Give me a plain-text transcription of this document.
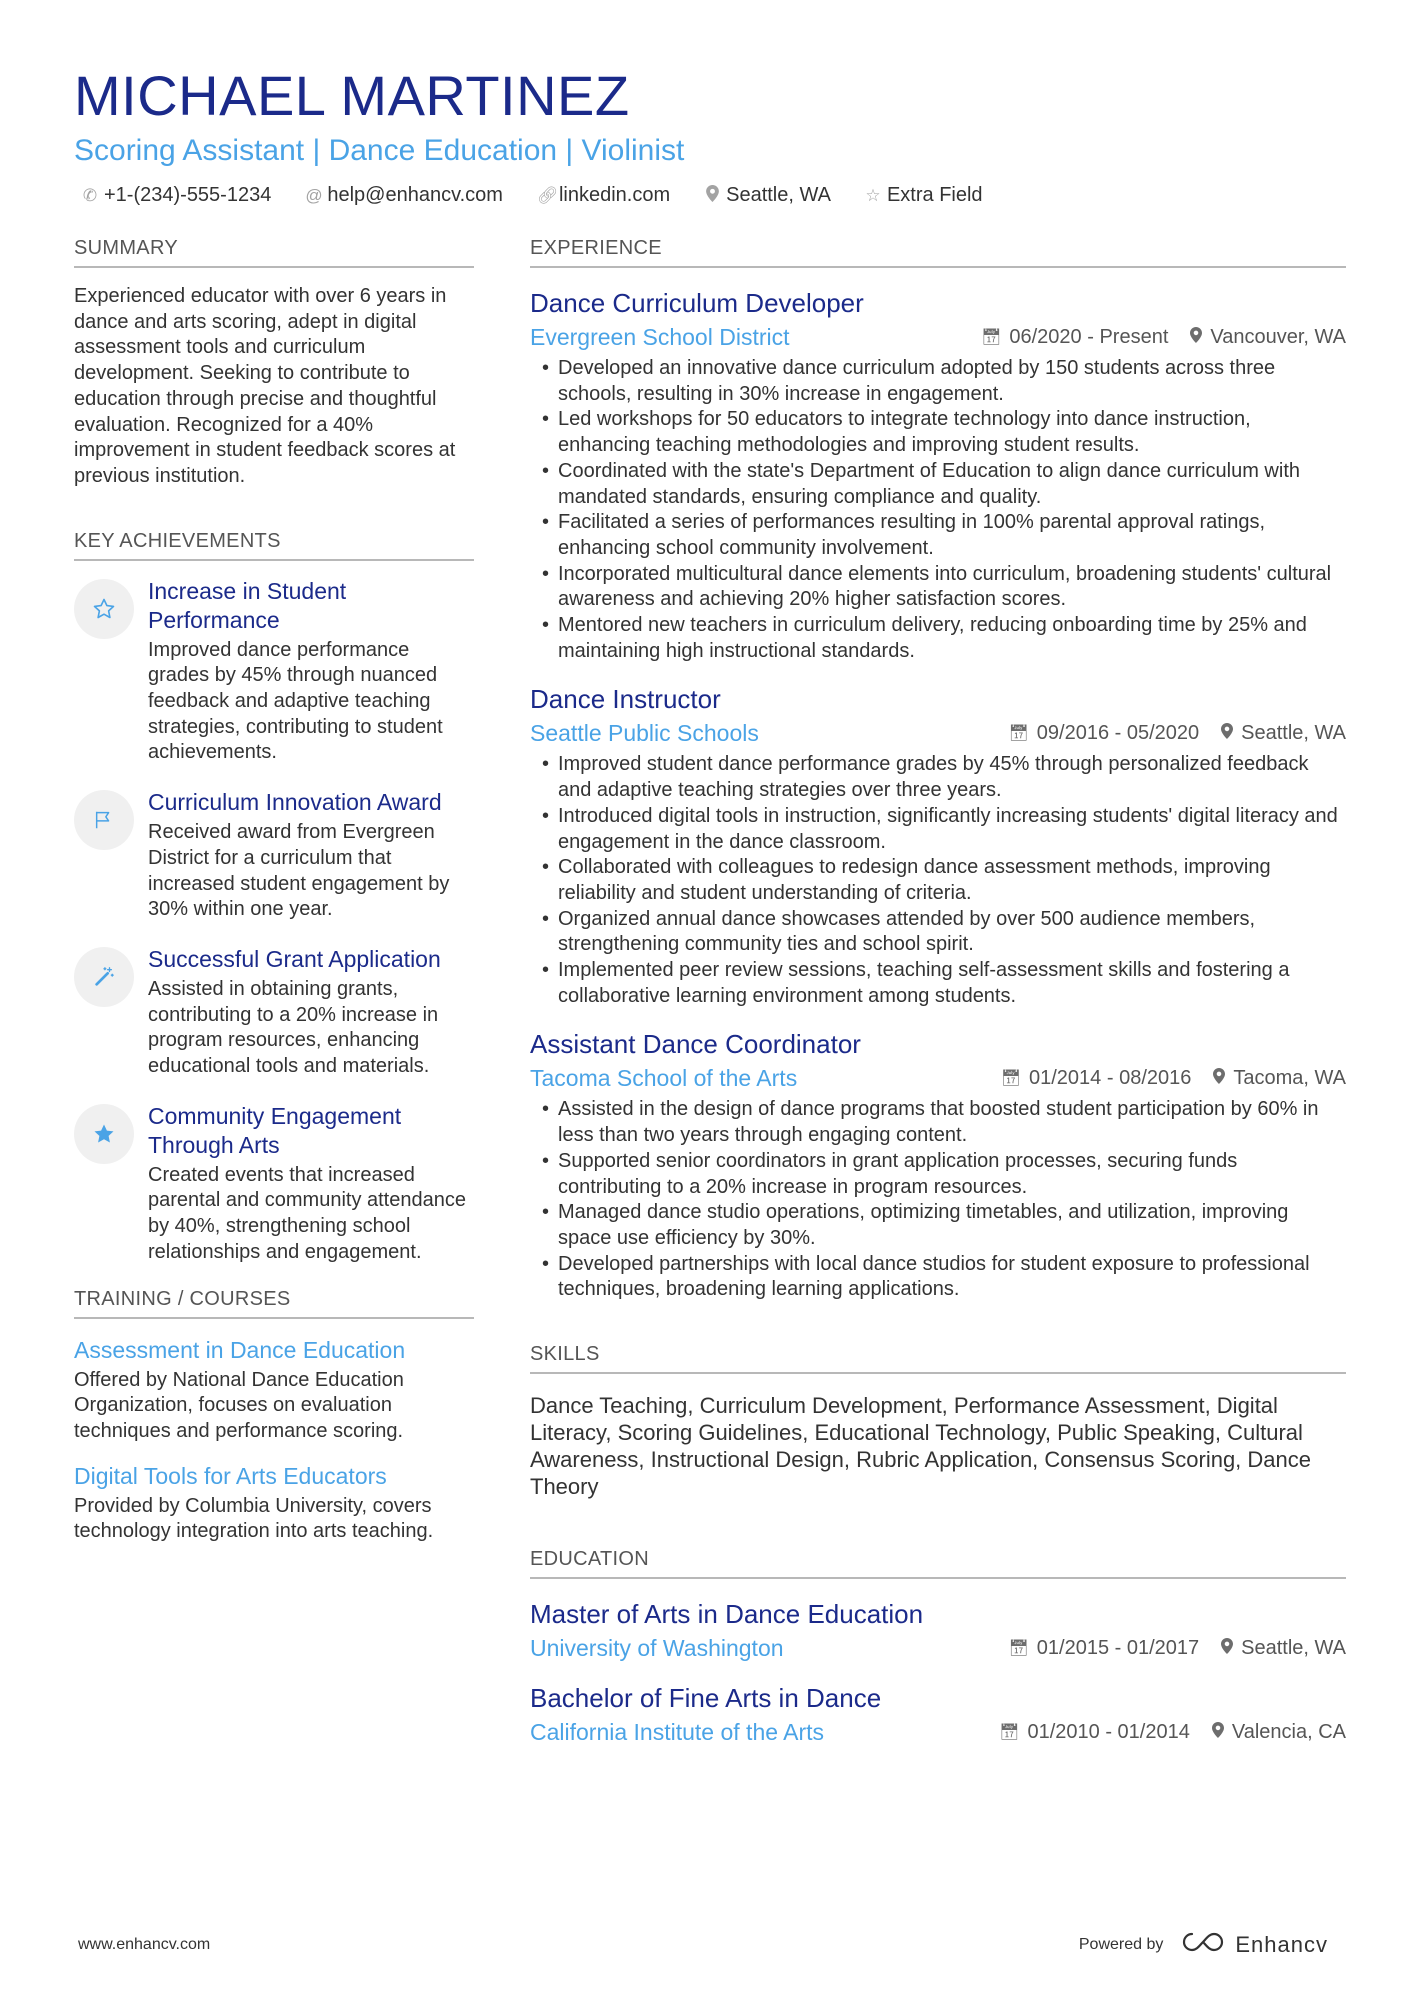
MICHAEL MARTINEZ
Scoring Assistant | Dance Education | Violinist
✆ +1-(234)-555-1234 @ help@enhancv.com 🔗︎ linkedin.com	Seattle, WA ☆ Extra Field
SUMMARY
Experienced educator with over 6 years in dance and arts scoring, adept in digital assessment tools and curriculum development. Seeking to contribute to education through precise and thoughtful evaluation. Recognized for a 40% improvement in student feedback scores at previous institution.
KEY ACHIEVEMENTS
Increase in Student Performance
Improved dance performance grades by 45% through nuanced feedback and adaptive teaching strategies, contributing to student achievements.
Curriculum Innovation Award
Received award from Evergreen District for a curriculum that increased student engagement by 30% within one year.
Successful Grant Application
Assisted in obtaining grants, contributing to a 20% increase in program resources, enhancing educational tools and materials.
Community Engagement Through Arts
Created events that increased parental and community attendance by 40%, strengthening school relationships and engagement.
TRAINING / COURSES
Assessment in Dance Education
Offered by National Dance Education Organization, focuses on evaluation techniques and performance scoring.
Digital Tools for Arts Educators
Provided by Columbia University, covers technology integration into arts teaching.
EXPERIENCE
Dance Curriculum Developer
Evergreen School District	📅︎ 06/2020 - Present Vancouver, WA
• Developed an innovative dance curriculum adopted by 150 students across three schools, resulting in 30% increase in engagement.
• Led workshops for 50 educators to integrate technology into dance instruction, enhancing teaching methodologies and improving student results.
• Coordinated with the state's Department of Education to align dance curriculum with mandated standards, ensuring compliance and quality.
• Facilitated a series of performances resulting in 100% parental approval ratings, enhancing school community involvement.
• Incorporated multicultural dance elements into curriculum, broadening students' cultural awareness and achieving 20% higher satisfaction scores.
• Mentored new teachers in curriculum delivery, reducing onboarding time by 25% and maintaining high instructional standards.
Dance Instructor
Seattle Public Schools	📅︎ 09/2016 - 05/2020 Seattle, WA
• Improved student dance performance grades by 45% through personalized feedback and adaptive teaching strategies over three years.
• Introduced digital tools in instruction, significantly increasing students' digital literacy and engagement in the dance classroom.
• Collaborated with colleagues to redesign dance assessment methods, improving reliability and student understanding of criteria.
• Organized annual dance showcases attended by over 500 audience members, strengthening community ties and school spirit.
• Implemented peer review sessions, teaching self-assessment skills and fostering a collaborative learning environment among students.
Assistant Dance Coordinator
Tacoma School of the Arts	📅︎ 01/2014 - 08/2016 Tacoma, WA
• Assisted in the design of dance programs that boosted student participation by 60% in less than two years through engaging content.
• Supported senior coordinators in grant application processes, securing funds contributing to a 20% increase in program resources.
• Managed dance studio operations, optimizing timetables, and utilization, improving space use efficiency by 30%.
• Developed partnerships with local dance studios for student exposure to professional techniques, broadening learning applications.
SKILLS
Dance Teaching, Curriculum Development, Performance Assessment, Digital Literacy, Scoring Guidelines, Educational Technology, Public Speaking, Cultural Awareness, Instructional Design, Rubric Application, Consensus Scoring, Dance Theory
EDUCATION
Master of Arts in Dance Education
University of Washington	📅︎ 01/2015 - 01/2017 Seattle, WA
Bachelor of Fine Arts in Dance
California Institute of the Arts	📅︎ 01/2010 - 01/2014 Valencia, CA
www.enhancv.com	Powered by	Enhancv
